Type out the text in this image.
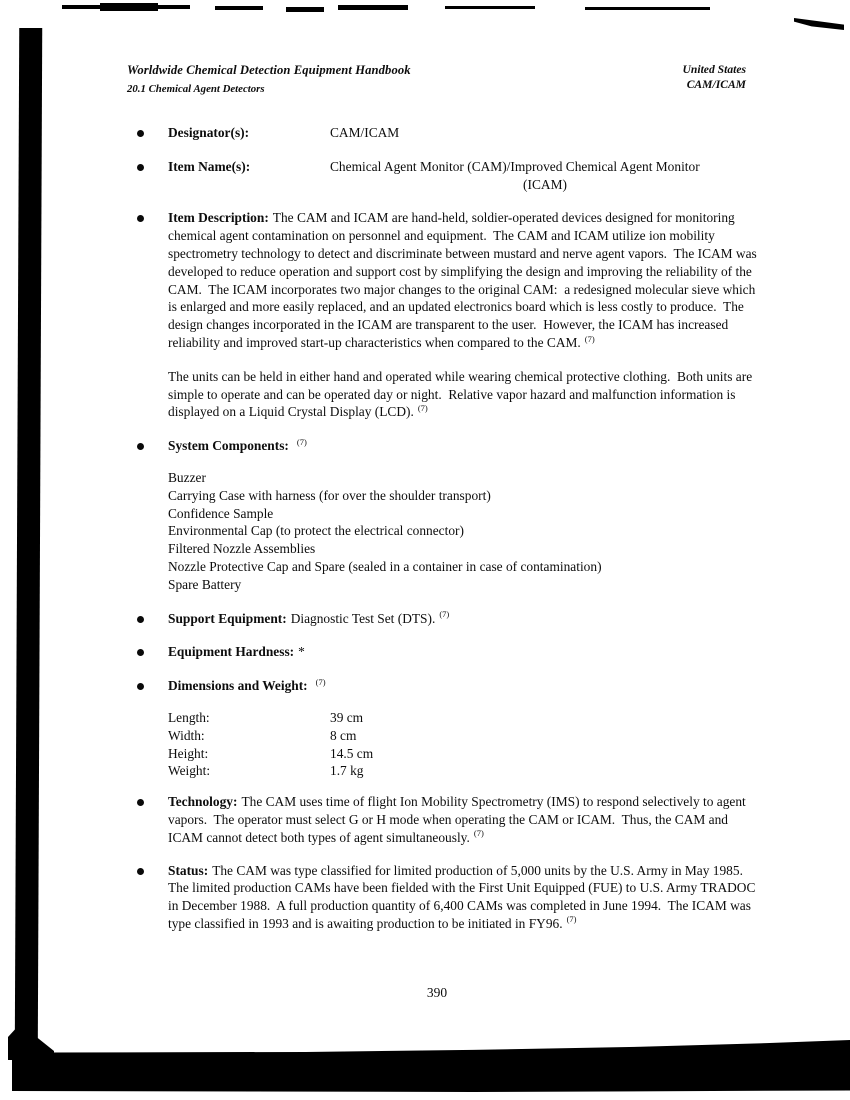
Worldwide Chemical Detection Equipment Handbook
20.1 Chemical Agent Detectors
United States
CAM/ICAM
Designator(s):	CAM/ICAM
Item Name(s):	Chemical Agent Monitor (CAM)/Improved Chemical Agent Monitor
(ICAM)
Item Description: The CAM and ICAM are hand-held, soldier-operated devices designed for monitoring chemical agent contamination on personnel and equipment.  The CAM and ICAM utilize ion mobility spectrometry technology to detect and discriminate between mustard and nerve agent vapors.  The ICAM was developed to reduce operation and support cost by simplifying the design and improving the reliability of the CAM.  The ICAM incorporates two major changes to the original CAM:  a redesigned molecular sieve which is enlarged and more easily replaced, and an updated electronics board which is less costly to produce.  The design changes incorporated in the ICAM are transparent to the user.  However, the ICAM has increased reliability and improved start-up characteristics when compared to the CAM. $^{(7)}$
The units can be held in either hand and operated while wearing chemical protective clothing.  Both units are simple to operate and can be operated day or night.  Relative vapor hazard and malfunction information is displayed on a Liquid Crystal Display (LCD). $^{(7)}$
System Components: $^{(7)}$
Buzzer
Carrying Case with harness (for over the shoulder transport)
Confidence Sample
Environmental Cap (to protect the electrical connector)
Filtered Nozzle Assemblies
Nozzle Protective Cap and Spare (sealed in a container in case of contamination)
Spare Battery
Support Equipment: Diagnostic Test Set (DTS). $^{(7)}$
Equipment Hardness: *
Dimensions and Weight: $^{(7)}$
Length:	39 cm
Width:	8 cm
Height:	14.5 cm
Weight:	1.7 kg
Technology: The CAM uses time of flight Ion Mobility Spectrometry (IMS) to respond selectively to agent vapors.  The operator must select G or H mode when operating the CAM or ICAM.  Thus, the CAM and ICAM cannot detect both types of agent simultaneously. $^{(7)}$
Status: The CAM was type classified for limited production of 5,000 units by the U.S. Army in May 1985.  The limited production CAMs have been fielded with the First Unit Equipped (FUE) to U.S. Army TRADOC in December 1988.  A full production quantity of 6,400 CAMs was completed in June 1994.  The ICAM was type classified in 1993 and is awaiting production to be initiated in FY96. $^{(7)}$
390
